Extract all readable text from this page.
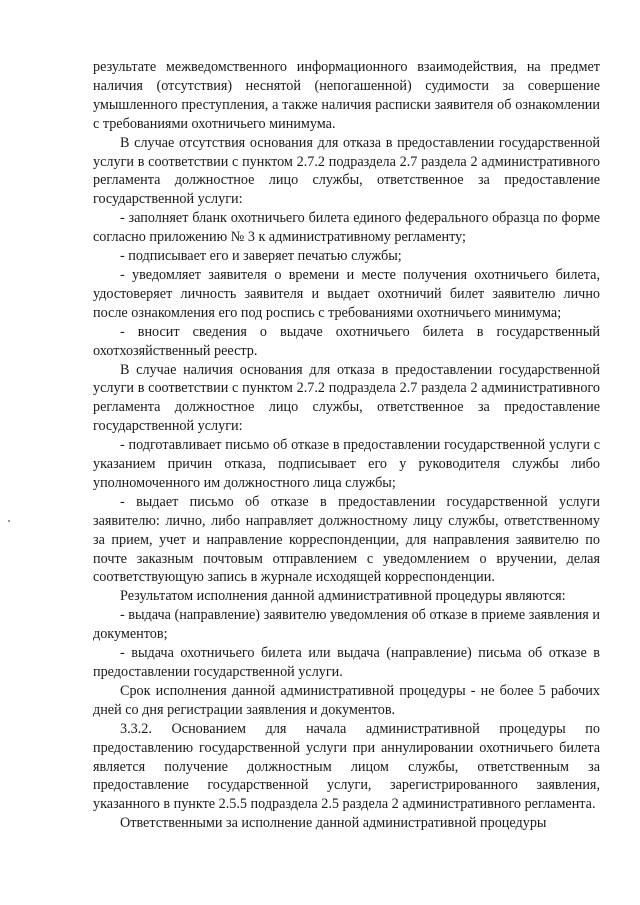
результате межведомственного информационного взаимодействия, на предмет наличия (отсутствия) неснятой (непогашенной) судимости за совершение умышленного преступления, а также наличия расписки заявителя об ознакомлении с требованиями охотничьего минимума.

В случае отсутствия основания для отказа в предоставлении государственной услуги в соответствии с пунктом 2.7.2 подраздела 2.7 раздела 2 административного регламента должностное лицо службы, ответственное за предоставление государственной услуги:

- заполняет бланк охотничьего билета единого федерального образца по форме согласно приложению № 3 к административному регламенту;

- подписывает его и заверяет печатью службы;

- уведомляет заявителя о времени и месте получения охотничьего билета, удостоверяет личность заявителя и выдает охотничий билет заявителю лично после ознакомления его под роспись с требованиями охотничьего минимума;

- вносит сведения о выдаче охотничьего билета в государственный охотхозяйственный реестр.

В случае наличия основания для отказа в предоставлении государственной услуги в соответствии с пунктом 2.7.2 подраздела 2.7 раздела 2 административного регламента должностное лицо службы, ответственное за предоставление государственной услуги:

- подготавливает письмо об отказе в предоставлении государственной услуги с указанием причин отказа, подписывает его у руководителя службы либо уполномоченного им должностного лица службы;

- выдает письмо об отказе в предоставлении государственной услуги заявителю: лично, либо направляет должностному лицу службы, ответственному за прием, учет и направление корреспонденции, для направления заявителю по почте заказным почтовым отправлением с уведомлением о вручении, делая соответствующую запись в журнале исходящей корреспонденции.

Результатом исполнения данной административной процедуры являются:

- выдача (направление) заявителю уведомления об отказе в приеме заявления и документов;

- выдача охотничьего билета или выдача (направление) письма об отказе в предоставлении государственной услуги.

Срок исполнения данной административной процедуры - не более 5 рабочих дней со дня регистрации заявления и документов.

3.3.2. Основанием для начала административной процедуры по предоставлению государственной услуги при аннулировании охотничьего билета является получение должностным лицом службы, ответственным за предоставление государственной услуги, зарегистрированного заявления, указанного в пункте 2.5.5 подраздела 2.5 раздела 2 административного регламента.

Ответственными за исполнение данной административной процедуры
